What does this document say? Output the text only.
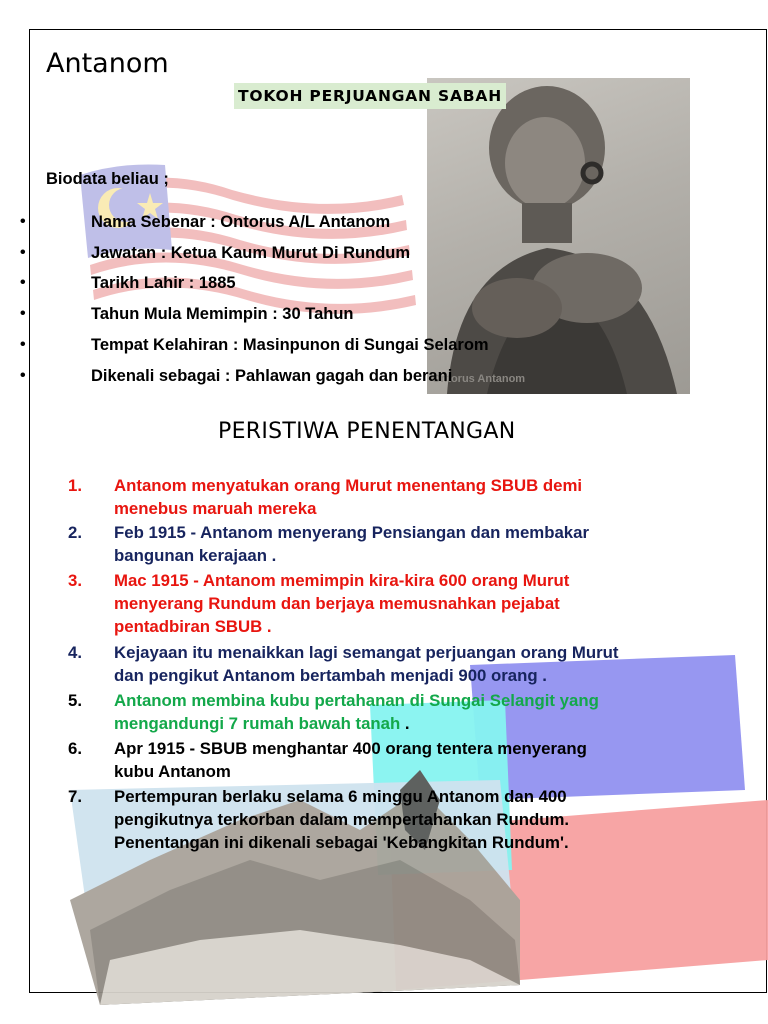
Ontorus Antanom
Antanom
TOKOH PERJUANGAN SABAH
Biodata beliau ;
•	Nama Sebenar : Ontorus A/L Antanom
•	Jawatan : Ketua Kaum Murut Di Rundum
•	Tarikh Lahir : 1885
•	Tahun Mula Memimpin : 30 Tahun
•	Tempat Kelahiran : Masinpunon di Sungai Selarom
•	Dikenali sebagai : Pahlawan gagah dan berani
PERISTIWA PENENTANGAN
1.	Antanom menyatukan orang Murut menentang SBUB demi
menebus maruah mereka
2.	Feb 1915 - Antanom menyerang Pensiangan dan membakar
bangunan kerajaan .
3.	Mac 1915 - Antanom memimpin kira-kira 600 orang Murut
menyerang Rundum dan berjaya memusnahkan pejabat
pentadbiran SBUB .
4.	Kejayaan itu menaikkan lagi semangat perjuangan orang Murut
dan pengikut Antanom bertambah menjadi 900 orang .
5.	Antanom membina kubu pertahanan di Sungai Selangit yang
mengandungi 7 rumah bawah tanah .
6.	Apr 1915 - SBUB menghantar 400 orang tentera menyerang
kubu Antanom
7.	Pertempuran berlaku selama 6 minggu Antanom dan 400
pengikutnya terkorban dalam mempertahankan Rundum.
Penentangan ini dikenali sebagai 'Kebangkitan Rundum'.
